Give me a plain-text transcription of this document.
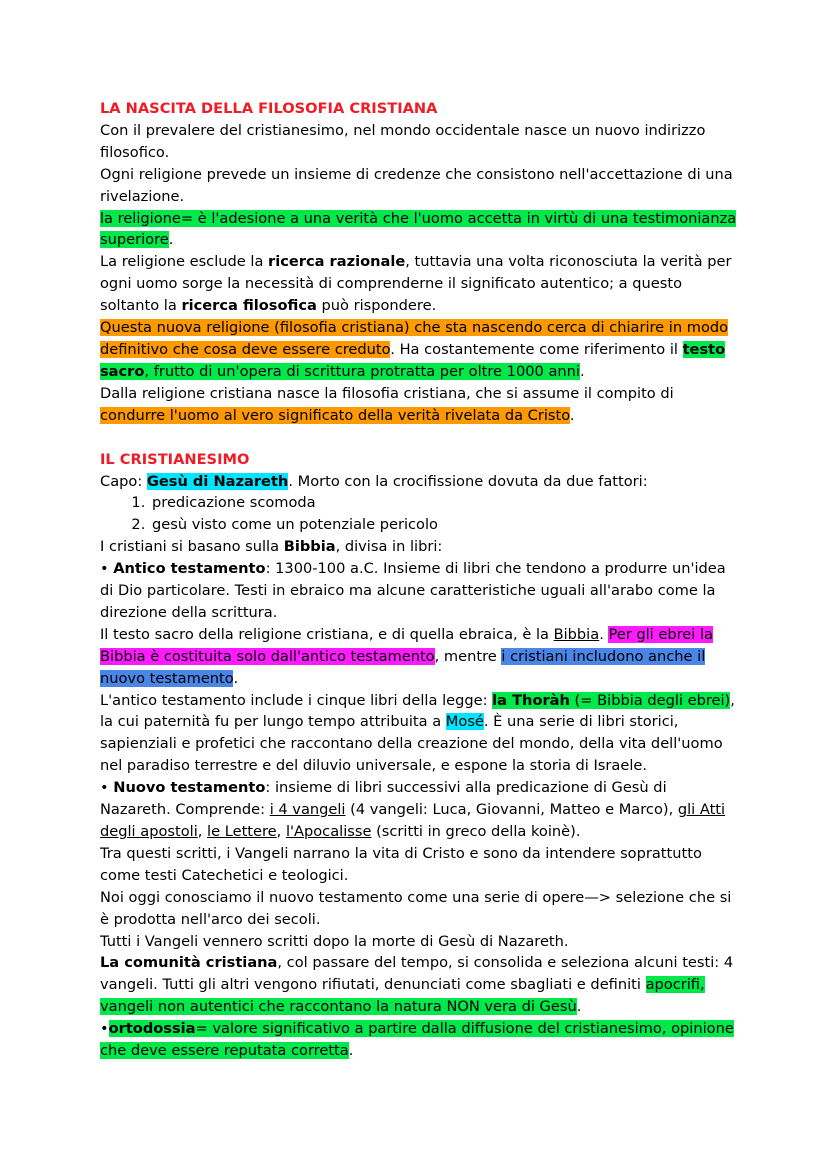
LA NASCITA DELLA FILOSOFIA CRISTIANA

Con il prevalere del cristianesimo, nel mondo occidentale nasce un nuovo indirizzo filosofico.

Ogni religione prevede un insieme di credenze che consistono nell'accettazione di una rivelazione.

la religione= è l'adesione a una verità che l'uomo accetta in virtù di una testimonianza superiore.

La religione esclude la ricerca razionale, tuttavia una volta riconosciuta la verità per ogni uomo sorge la necessità di comprenderne il significato autentico; a questo soltanto la ricerca filosofica può rispondere.

Questa nuova religione (filosofia cristiana) che sta nascendo cerca di chiarire in modo definitivo che cosa deve essere creduto. Ha costantemente come riferimento il testo sacro, frutto di un'opera di scrittura protratta per oltre 1000 anni.

Dalla religione cristiana nasce la filosofia cristiana, che si assume il compito di condurre l'uomo al vero significato della verità rivelata da Cristo.

IL CRISTIANESIMO

Capo: Gesù di Nazareth. Morto con la crocifissione dovuta da due fattori:

1. predicazione scomoda
2. gesù visto come un potenziale pericolo

I cristiani si basano sulla Bibbia, divisa in libri:

• Antico testamento: 1300-100 a.C. Insieme di libri che tendono a produrre un'idea di Dio particolare. Testi in ebraico ma alcune caratteristiche uguali all'arabo come la direzione della scrittura.

Il testo sacro della religione cristiana, e di quella ebraica, è la Bibbia. Per gli ebrei la Bibbia è costituita solo dall'antico testamento, mentre i cristiani includono anche il nuovo testamento.

L'antico testamento include i cinque libri della legge: la Thoràh (= Bibbia degli ebrei), la cui paternità fu per lungo tempo attribuita a Mosé. È una serie di libri storici, sapienziali e profetici che raccontano della creazione del mondo, della vita dell'uomo nel paradiso terrestre e del diluvio universale, e espone la storia di Israele.

• Nuovo testamento: insieme di libri successivi alla predicazione di Gesù di Nazareth. Comprende: i 4 vangeli (4 vangeli: Luca, Giovanni, Matteo e Marco), gli Atti degli apostoli, le Lettere, l'Apocalisse (scritti in greco della koinè).

Tra questi scritti, i Vangeli narrano la vita di Cristo e sono da intendere soprattutto come testi Catechetici e teologici.

Noi oggi conosciamo il nuovo testamento come una serie di opere—> selezione che si è prodotta nell'arco dei secoli.

Tutti i Vangeli vennero scritti dopo la morte di Gesù di Nazareth.

La comunità cristiana, col passare del tempo, si consolida e seleziona alcuni testi: 4 vangeli. Tutti gli altri vengono rifiutati, denunciati come sbagliati e definiti apocrifi, vangeli non autentici che raccontano la natura NON vera di Gesù.

•ortodossia= valore significativo a partire dalla diffusione del cristianesimo, opinione che deve essere reputata corretta.
